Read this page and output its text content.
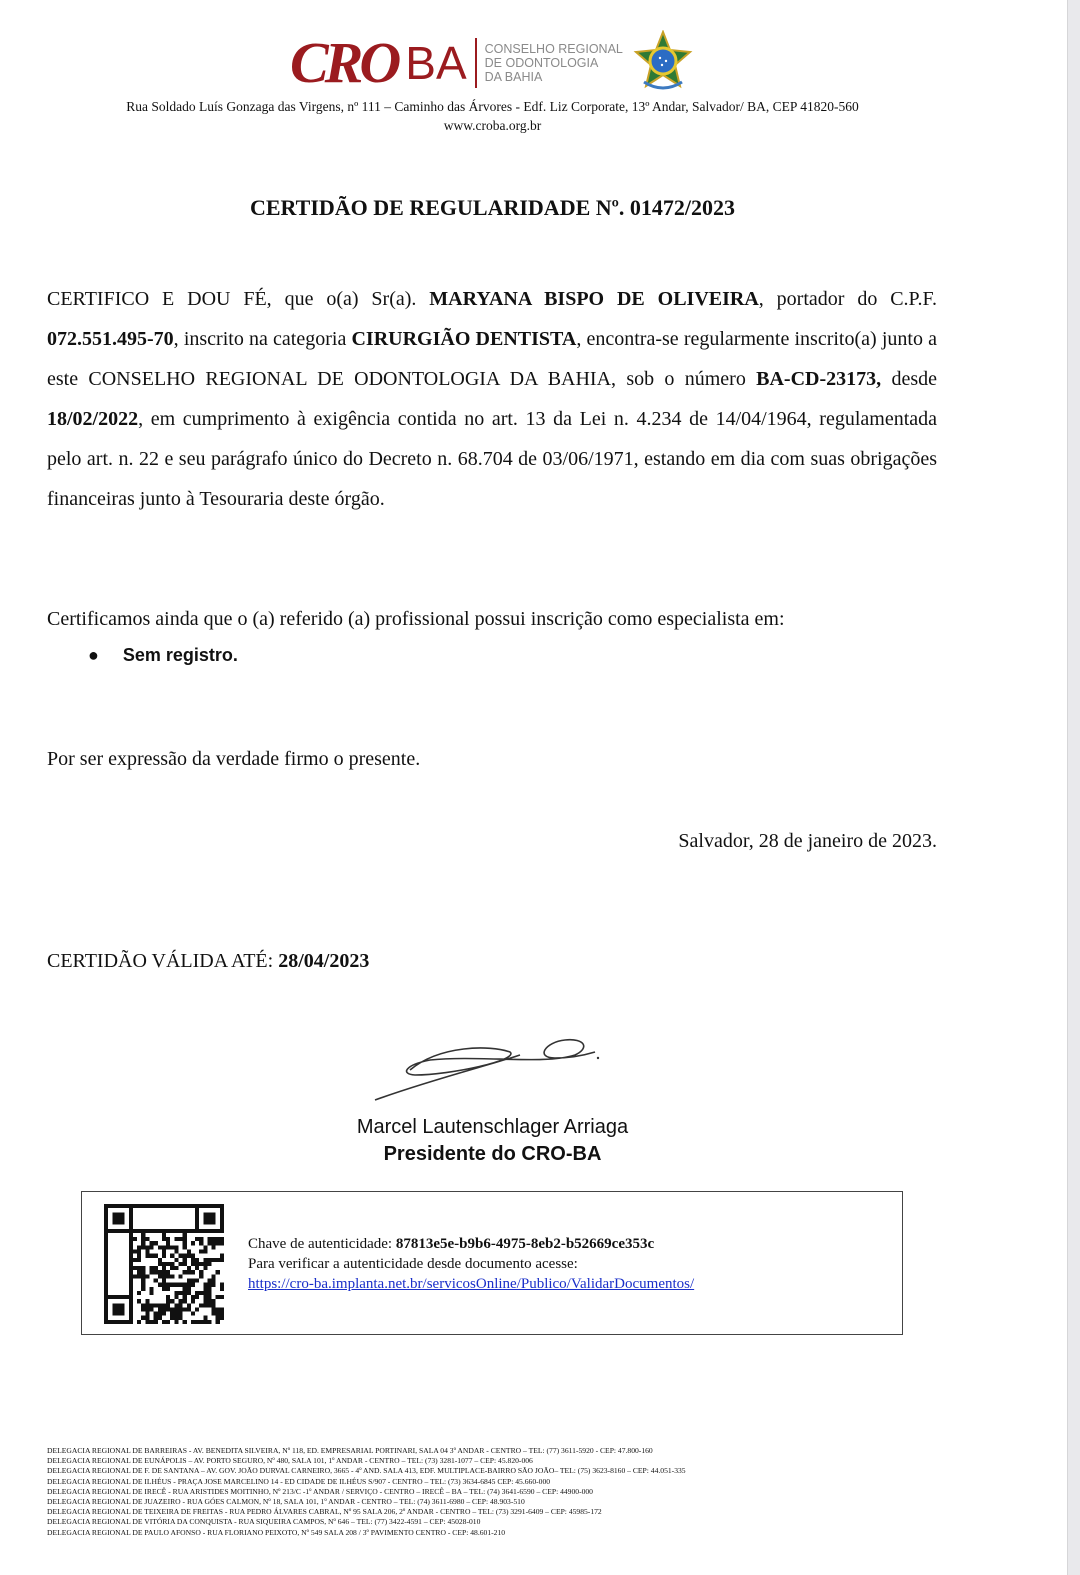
CRO BA CONSELHO REGIONAL
DE ODONTOLOGIA
DA BAHIA
Rua Soldado Luís Gonzaga das Virgens, nº 111 – Caminho das Árvores - Edf. Liz Corporate, 13º Andar, Salvador/ BA, CEP 41820-560
www.croba.org.br
CERTIDÃO DE REGULARIDADE Nº. 01472/2023
CERTIFICO E DOU FÉ, que o(a) Sr(a). MARYANA BISPO DE OLIVEIRA, portador do C.P.F. 072.551.495-70, inscrito na categoria CIRURGIÃO DENTISTA, encontra-se regularmente inscrito(a) junto a este CONSELHO REGIONAL DE ODONTOLOGIA DA BAHIA, sob o número BA-CD-23173, desde 18/02/2022, em cumprimento à exigência contida no art. 13 da Lei n. 4.234 de 14/04/1964, regulamentada pelo art. n. 22 e seu parágrafo único do Decreto n. 68.704 de 03/06/1971, estando em dia com suas obrigações financeiras junto à Tesouraria deste órgão.
Certificamos ainda que o (a) referido (a) profissional possui inscrição como especialista em:
● Sem registro.
Por ser expressão da verdade firmo o presente.
Salvador, 28 de janeiro de 2023.
CERTIDÃO VÁLIDA ATÉ: 28/04/2023
Marcel Lautenschlager Arriaga
Presidente do CRO-BA
Chave de autenticidade: 87813e5e-b9b6-4975-8eb2-b52669ce353c
Para verificar a autenticidade desde documento acesse:
https://cro-ba.implanta.net.br/servicosOnline/Publico/ValidarDocumentos/
DELEGACIA REGIONAL DE BARREIRAS - AV. BENEDITA SILVEIRA, Nº 118, ED. EMPRESARIAL PORTINARI, SALA 04 3º ANDAR - CENTRO – TEL: (77) 3611-5920 - CEP: 47.800-160
DELEGACIA REGIONAL DE EUNÁPOLIS – AV. PORTO SEGURO, Nº 480, SALA 101, 1º ANDAR - CENTRO – TEL: (73) 3281-1077 – CEP: 45.820-006
DELEGACIA REGIONAL DE F. DE SANTANA – AV. GOV. JOÃO DURVAL CARNEIRO, 3665 - 4º AND. SALA 413, EDF. MULTIPLACE-BAIRRO SÃO JOÃO– TEL: (75) 3623-8160 – CEP: 44.051-335
DELEGACIA REGIONAL DE ILHÉUS - PRAÇA JOSE MARCELINO 14 - ED CIDADE DE ILHÉUS S/907 - CENTRO – TEL: (73) 3634-6845 CEP: 45.660-000
DELEGACIA REGIONAL DE IRECÊ - RUA ARISTIDES MOITINHO, Nº 213/C -1º ANDAR / SERVIÇO - CENTRO – IRECÊ – BA – TEL: (74) 3641-6590 – CEP: 44900-000
DELEGACIA REGIONAL DE JUAZEIRO - RUA GÓES CALMON, Nº 18, SALA 101, 1º ANDAR - CENTRO – TEL: (74) 3611-6980 – CEP: 48.903-510
DELEGACIA REGIONAL DE TEIXEIRA DE FREITAS - RUA PEDRO ÁLVARES CABRAL, Nº 95 SALA 206, 2º ANDAR - CENTRO – TEL: (73) 3291-6409 – CEP: 45985-172
DELEGACIA REGIONAL DE VITÓRIA DA CONQUISTA - RUA SIQUEIRA CAMPOS, Nº 646 – TEL: (77) 3422-4591 – CEP: 45028-010
DELEGACIA REGIONAL DE PAULO AFONSO - RUA FLORIANO PEIXOTO, Nº 549 SALA 208 / 3º PAVIMENTO CENTRO - CEP: 48.601-210
